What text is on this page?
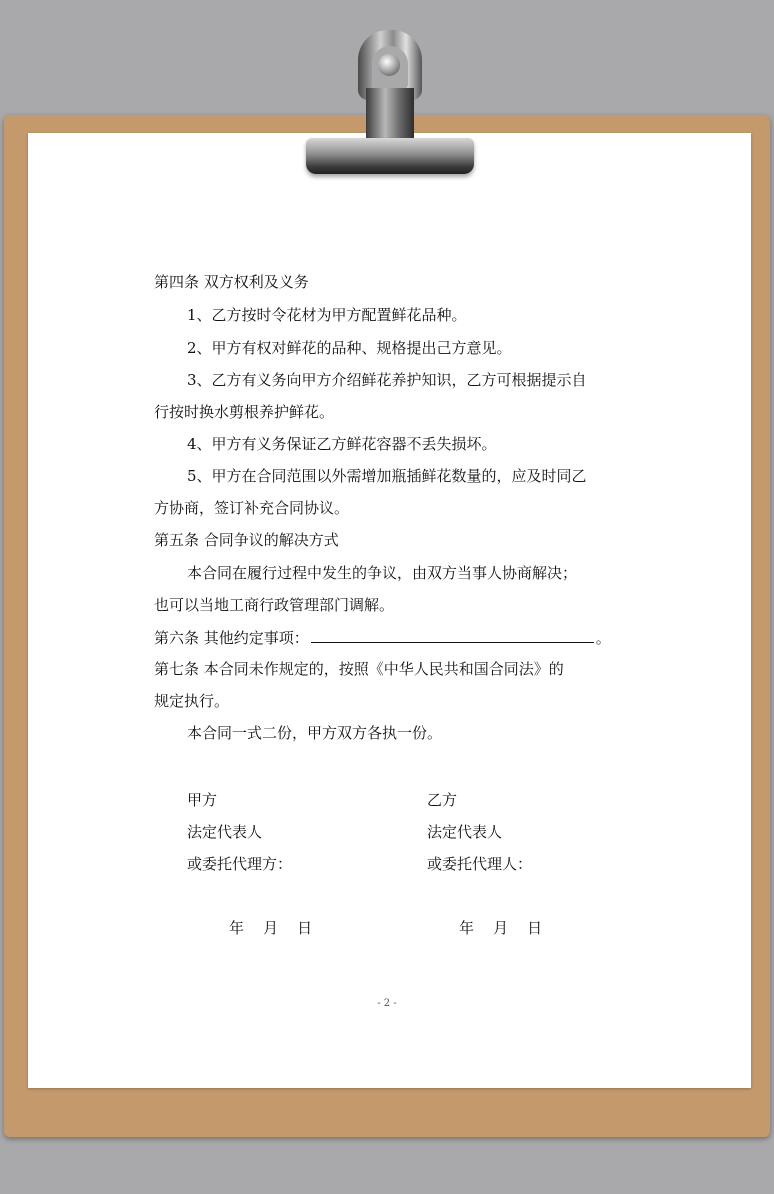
第四条 双方权利及义务
1、乙方按时令花材为甲方配置鲜花品种。
2、甲方有权对鲜花的品种、规格提出己方意见。
3、乙方有义务向甲方介绍鲜花养护知识，乙方可根据提示自
行按时换水剪根养护鲜花。
4、甲方有义务保证乙方鲜花容器不丢失损坏。
5、甲方在合同范围以外需增加瓶插鲜花数量的，应及时同乙
方协商，签订补充合同协议。
第五条 合同争议的解决方式
本合同在履行过程中发生的争议，由双方当事人协商解决；
也可以当地工商行政管理部门调解。
第六条 其他约定事项：	。
第七条 本合同未作规定的，按照《中华人民共和国合同法》的
规定执行。
本合同一式二份，甲方双方各执一份。
甲方	乙方
法定代表人	法定代表人
或委托代理方：	或委托代理人：
年    月    日	年    月    日
- 2 -
